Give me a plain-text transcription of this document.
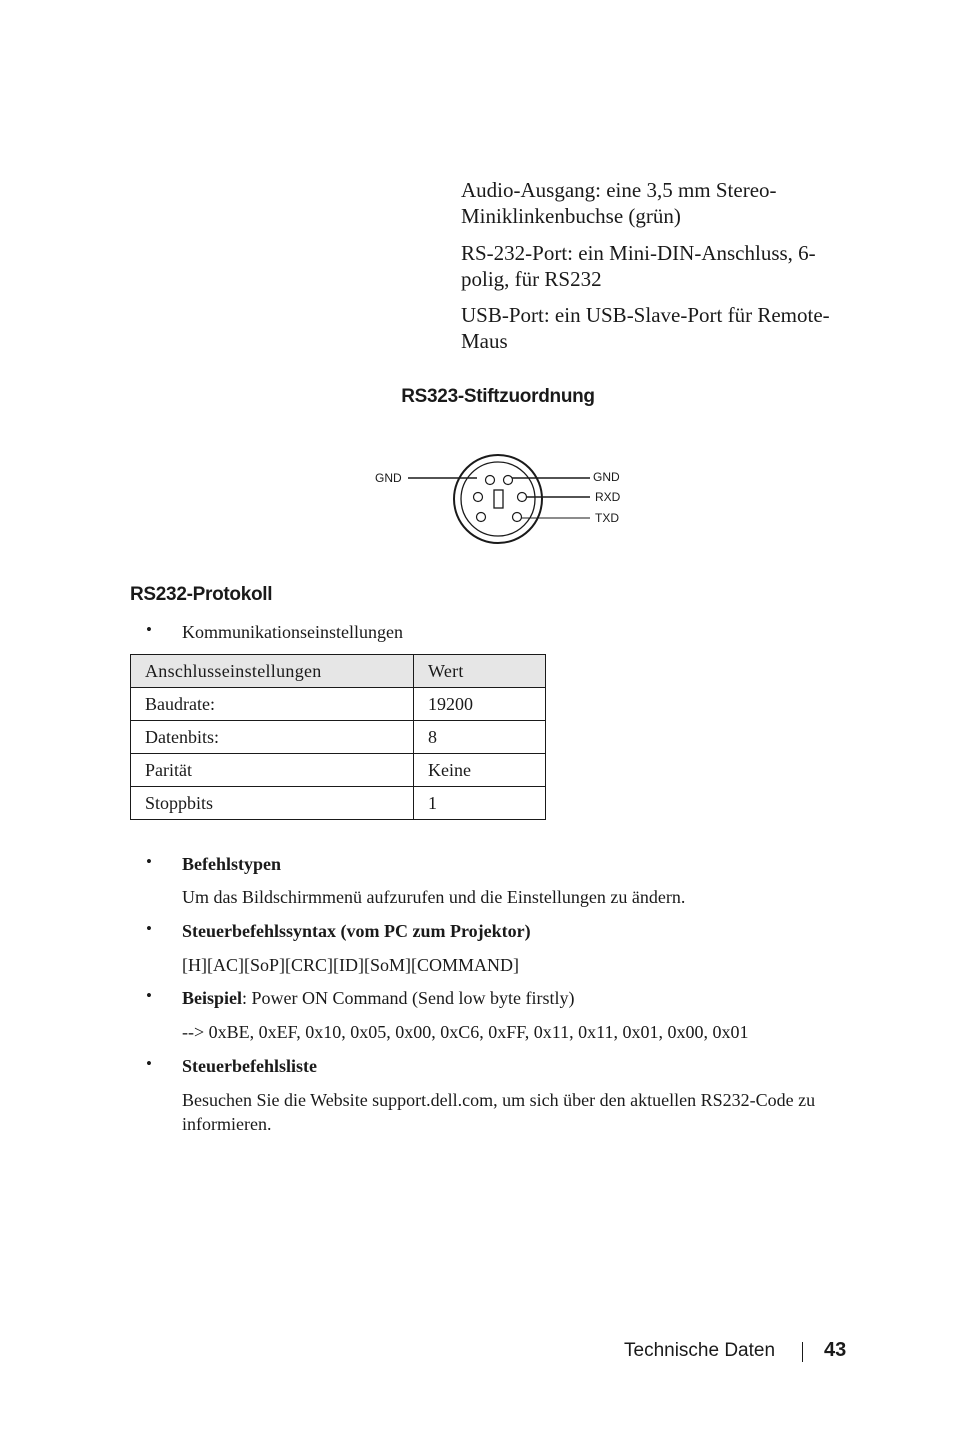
Audio-Ausgang: eine 3,5 mm Stereo-Miniklinkenbuchse (grün)

RS-232-Port: ein Mini-DIN-Anschluss, 6-polig, für RS232

USB-Port: ein USB-Slave-Port für Remote-Maus

RS323-Stiftzuordnung
GND	GND
RXD
TXD
RS232-Protokoll
• Kommunikationseinstellungen
Anschlusseinstellungen	Wert
Baudrate:	19200
Datenbits:	8
Parität	Keine
Stoppbits	1
• Befehlstypen
Um das Bildschirmmenü aufzurufen und die Einstellungen zu ändern.
• Steuerbefehlssyntax (vom PC zum Projektor)
[H][AC][SoP][CRC][ID][SoM][COMMAND]
• Beispiel: Power ON Command (Send low byte firstly)
--> 0xBE, 0xEF, 0x10, 0x05, 0x00, 0xC6, 0xFF, 0x11, 0x11, 0x01, 0x00, 0x01
• Steuerbefehlsliste
Besuchen Sie die Website support.dell.com, um sich über den aktuellen RS232-Code zu informieren.
Technische Daten 43
